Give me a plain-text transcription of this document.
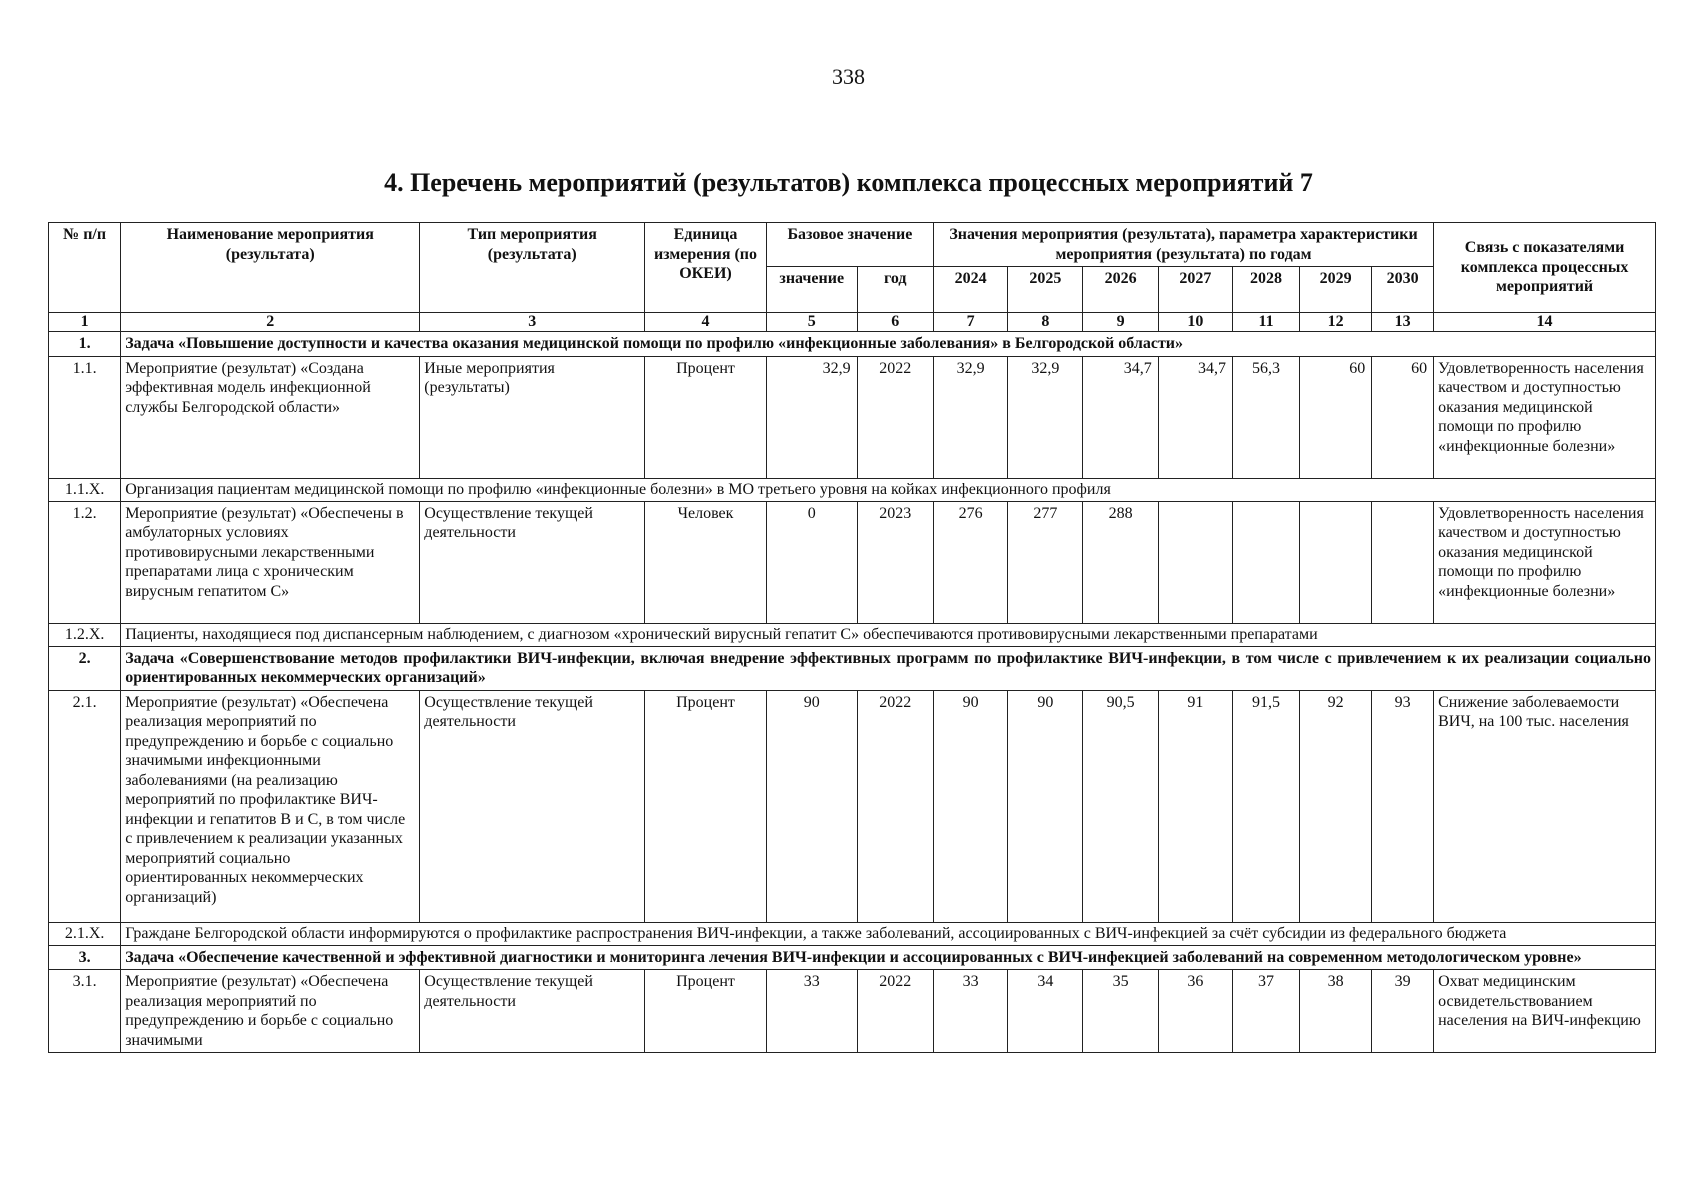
338
4. Перечень мероприятий (результатов) комплекса процессных мероприятий 7
№ п/п	Наименование мероприятия (результата)	Тип мероприятия (результата)	Единица измерения (по ОКЕИ)	Базовое значение		Значения мероприятия (результата), параметра характеристики мероприятия (результата) по годам							Связь с показателями комплекса процессных мероприятий
				значение	год	2024	2025	2026	2027	2028	2029	2030	
1	2	3	4	5	6	7	8	9	10	11	12	13	14
1.	Задача «Повышение доступности и качества оказания медицинской помощи по профилю «инфекционные заболевания» в Белгородской области»												
1.1.	Мероприятие (результат) «Создана эффективная модель инфекционной службы Белгородской области»	Иные мероприятия (результаты)	Процент	32,9	2022	32,9	32,9	34,7	34,7	56,3	60	60	Удовлетворенность населения качеством и доступностью оказания медицинской помощи по профилю «инфекционные болезни»
1.1.Х.	Организация пациентам медицинской помощи по профилю «инфекционные болезни» в МО третьего уровня на койках инфекционного профиля												
1.2.	Мероприятие (результат) «Обеспечены в амбулаторных условиях противовирусными лекарственными препаратами лица с хроническим вирусным гепатитом С»	Осуществление текущей деятельности	Человек	0	2023	276	277	288					Удовлетворенность населения качеством и доступностью оказания медицинской помощи по профилю «инфекционные болезни»
1.2.Х.	Пациенты, находящиеся под диспансерным наблюдением, с диагнозом «хронический вирусный гепатит С» обеспечиваются противовирусными лекарственными препаратами												
2.	Задача «Совершенствование методов профилактики ВИЧ-инфекции, включая внедрение эффективных программ по профилактике ВИЧ-инфекции, в том числе с привлечением к их реализации социально ориентированных некоммерческих организаций»												
2.1.	Мероприятие (результат) «Обеспечена реализация мероприятий по предупреждению и борьбе с социально значимыми инфекционными заболеваниями (на реализацию мероприятий по профилактике ВИЧ-инфекции и гепатитов В и С, в том числе с привлечением к реализации указанных мероприятий социально ориентированных некоммерческих организаций)	Осуществление текущей деятельности	Процент	90	2022	90	90	90,5	91	91,5	92	93	Снижение заболеваемости ВИЧ, на 100 тыс. населения
2.1.Х.	Граждане Белгородской области информируются о профилактике распространения ВИЧ-инфекции, а также заболеваний, ассоциированных с ВИЧ-инфекцией за счёт субсидии из федерального бюджета												
3.	Задача «Обеспечение качественной и эффективной диагностики и мониторинга лечения ВИЧ-инфекции и ассоциированных с ВИЧ-инфекцией заболеваний на современном методологическом уровне»												
3.1.	Мероприятие (результат) «Обеспечена реализация мероприятий по предупреждению и борьбе с социально значимыми	Осуществление текущей деятельности	Процент	33	2022	33	34	35	36	37	38	39	Охват медицинским освидетельствованием населения на ВИЧ-инфекцию
